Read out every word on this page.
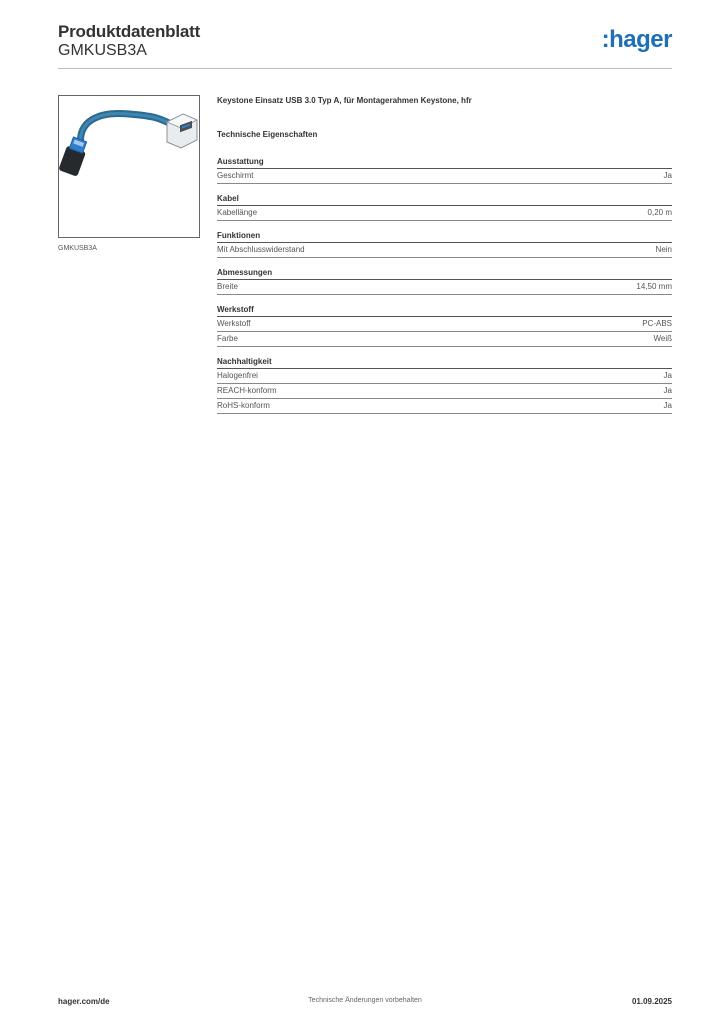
Produktdatenblatt
GMKUSB3A	:hager
GMKUSB3A
Keystone Einsatz USB 3.0 Typ A, für Montagerahmen Keystone, hfr
Technische Eigenschaften
Ausstattung
Geschirmt	Ja
Kabel
Kabellänge	0,20 m
Funktionen
Mit Abschlusswiderstand	Nein
Abmessungen
Breite	14,50 mm
Werkstoff
Werkstoff	PC-ABS
Farbe	Weiß
Nachhaltigkeit
Halogenfrei	Ja
REACH-konform	Ja
RoHS-konform	Ja
Technische Änderungen vorbehalten
hager.com/de	01.09.2025
